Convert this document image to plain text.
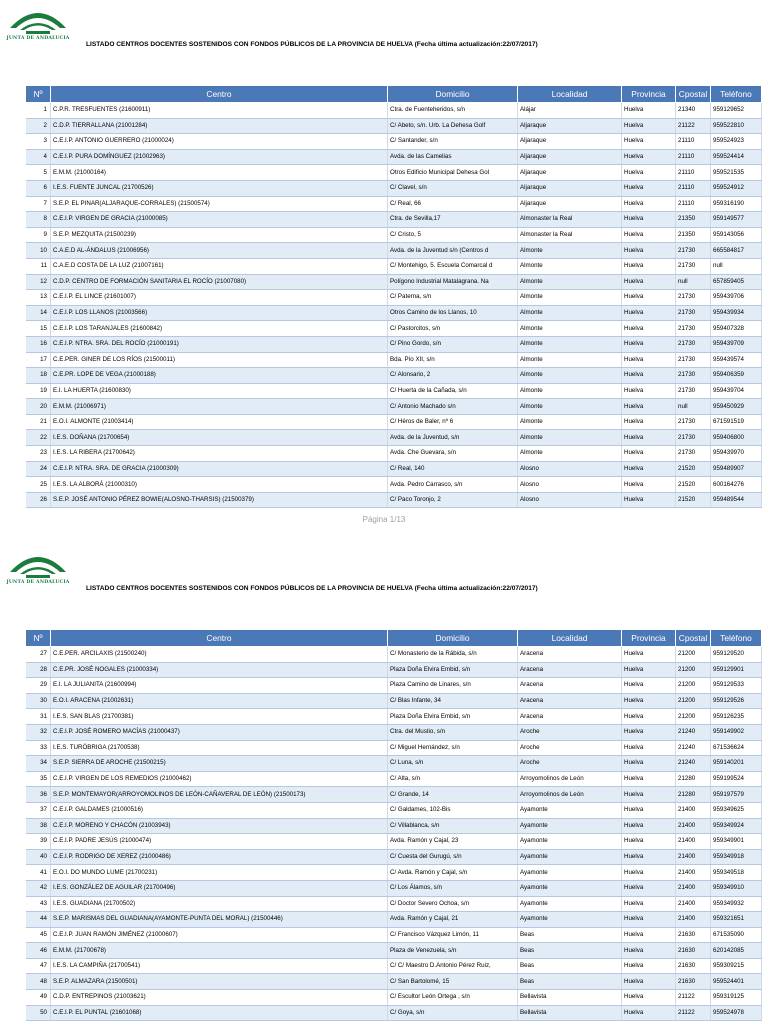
JUNTA DE ANDALUCIA
LISTADO CENTROS DOCENTES SOSTENIDOS CON FONDOS PÚBLICOS DE LA PROVINCIA DE HUELVA (Fecha última actualización:22/07/2017)
Nº	Centro	Domicilio	Localidad	Provincia	Cpostal	Teléfono
1	C.P.R. TRESFUENTES (21600911)	Ctra. de Fuenteheridos, s/n	Alájar	Huelva	21340	959129652
2	C.D.P. TIERRALLANA (21001284)	C/ Abeto, s/n. Urb. La Dehesa Golf	Aljaraque	Huelva	21122	959522810
3	C.E.I.P. ANTONIO GUERRERO (21000024)	C/ Santander, s/n	Aljaraque	Huelva	21110	959524923
4	C.E.I.P. PURA DOMÍNGUEZ (21002963)	Avda. de las Camelias	Aljaraque	Huelva	21110	959524414
5	E.M.M. (21000164)	Otros Edificio Municipal Dehesa Gol	Aljaraque	Huelva	21110	959521535
6	I.E.S. FUENTE JUNCAL (21700526)	C/ Clavel, s/n	Aljaraque	Huelva	21110	959524912
7	S.E.P. EL PINAR(ALJARAQUE-CORRALES) (21500574)	C/ Real, 66	Aljaraque	Huelva	21110	959316190
8	C.E.I.P. VIRGEN DE GRACIA (21000085)	Ctra. de Sevilla,17	Almonaster la Real	Huelva	21350	959149577
9	S.E.P. MEZQUITA (21500239)	C/ Cristo, 5	Almonaster la Real	Huelva	21350	959143056
10	C.A.E.D AL-ÁNDALUS (21006956)	Avda. de la Juventud s/n (Centros d	Almonte	Huelva	21730	665584817
11	C.A.E.D COSTA DE LA LUZ (21007161)	C/ Montehigo, 5. Escuela Comarcal d	Almonte	Huelva	21730	null
12	C.D.P. CENTRO DE FORMACIÓN SANITARIA EL ROCÍO (21007080)	Polígono Industrial Matalagrana. Na	Almonte	Huelva	null	657859405
13	C.E.I.P. EL LINCE (21601007)	C/ Paterna, s/n	Almonte	Huelva	21730	959439706
14	C.E.I.P. LOS LLANOS (21003566)	Otros Camino de los Llanos, 10	Almonte	Huelva	21730	959439934
15	C.E.I.P. LOS TARANJALES (21600842)	C/ Pastorcitos, s/n	Almonte	Huelva	21730	959407328
16	C.E.I.P. NTRA. SRA. DEL ROCÍO (21000191)	C/ Pino Gordo, s/n	Almonte	Huelva	21730	959439709
17	C.E.PER. GINER DE LOS RÍOS (21500011)	Bda. Pío XII, s/n	Almonte	Huelva	21730	959439574
18	C.E.PR. LOPE DE VEGA (21000188)	C/ Alonsario, 2	Almonte	Huelva	21730	959406359
19	E.I. LA HUERTA (21600830)	C/ Huerta de la Cañada, s/n	Almonte	Huelva	21730	959439704
20	E.M.M. (21006971)	C/ Antonio Machado s/n	Almonte	Huelva	null	959450929
21	E.O.I. ALMONTE (21003414)	C/ Héros de Baler, nº 6	Almonte	Huelva	21730	671591519
22	I.E.S. DOÑANA (21700654)	Avda. de la Juventud, s/n	Almonte	Huelva	21730	959406800
23	I.E.S. LA RIBERA (21700642)	Avda. Che Guevara, s/n	Almonte	Huelva	21730	959439970
24	C.E.I.P. NTRA. SRA. DE GRACIA (21000309)	C/ Real, 140	Alosno	Huelva	21520	959489907
25	I.E.S. LA ALBORÁ (21000310)	Avda. Pedro Carrasco, s/n	Alosno	Huelva	21520	600164276
26	S.E.P. JOSÉ ANTONIO PÉREZ BOWIE(ALOSNO-THARSIS) (21500379)	C/ Paco Toronjo, 2	Alosno	Huelva	21520	959489544
Página 1/13
JUNTA DE ANDALUCIA
LISTADO CENTROS DOCENTES SOSTENIDOS CON FONDOS PÚBLICOS DE LA PROVINCIA DE HUELVA (Fecha última actualización:22/07/2017)
Nº	Centro	Domicilio	Localidad	Provincia	Cpostal	Teléfono
27	C.E.PER. ARCILAXIS (21500240)	C/ Monasterio de la Rábida, s/n	Aracena	Huelva	21200	959129520
28	C.E.PR. JOSÉ NOGALES (21000334)	Plaza Doña Elvira Embid, s/n	Aracena	Huelva	21200	959129901
29	E.I. LA JULIANITA (21600994)	Plaza Camino de Linares, s/n	Aracena	Huelva	21200	959129533
30	E.O.I. ARACENA (21002631)	C/ Blas Infante, 34	Aracena	Huelva	21200	959129526
31	I.E.S. SAN BLAS (21700381)	Plaza Doña Elvira Embid, s/n	Aracena	Huelva	21200	959126235
32	C.E.I.P. JOSÉ ROMERO MACÍAS (21000437)	Ctra. del Mustio, s/n	Aroche	Huelva	21240	959149902
33	I.E.S. TURÓBRIGA (21700538)	C/ Miguel Hernández, s/n	Aroche	Huelva	21240	671536624
34	S.E.P. SIERRA DE AROCHE (21500215)	C/ Luna, s/n	Aroche	Huelva	21240	959140201
35	C.E.I.P. VIRGEN DE LOS REMEDIOS (21000462)	C/ Alta, s/n	Arroyomolinos de León	Huelva	21280	959199524
36	S.E.P. MONTEMAYOR(ARROYOMOLINOS DE LEÓN-CAÑAVERAL DE LEÓN) (21500173)	C/ Grande, 14	Arroyomolinos de León	Huelva	21280	959197579
37	C.E.I.P. GALDAMES (21000516)	C/ Galdames, 102-Bis	Ayamonte	Huelva	21400	959349625
38	C.E.I.P. MORENO Y CHACÓN (21003943)	C/ Villablanca, s/n	Ayamonte	Huelva	21400	959349924
39	C.E.I.P. PADRE JESÚS (21000474)	Avda. Ramón y Cajal, 23	Ayamonte	Huelva	21400	959349901
40	C.E.I.P. RODRIGO DE XEREZ (21000486)	C/ Cuesta del Gurugú, s/n	Ayamonte	Huelva	21400	959349918
41	E.O.I. DO MUNDO LUME (21700231)	C/ Avda. Ramón y Cajal, s/n	Ayamonte	Huelva	21400	959349518
42	I.E.S. GONZÁLEZ DE AGUILAR (21700496)	C/ Los Álamos, s/n	Ayamonte	Huelva	21400	959349910
43	I.E.S. GUADIANA (21700502)	C/ Doctor Severo Ochoa, s/n	Ayamonte	Huelva	21400	959349932
44	S.E.P. MARISMAS DEL GUADIANA(AYAMONTE-PUNTA DEL MORAL) (21500446)	Avda. Ramón y Cajal, 21	Ayamonte	Huelva	21400	959321651
45	C.E.I.P. JUAN RAMÓN JIMÉNEZ (21000607)	C/ Francisco Vázquez Limón, 11	Beas	Huelva	21630	671535090
46	E.M.M. (21700678)	Plaza de Venezuela, s/n	Beas	Huelva	21630	620142085
47	I.E.S. LA CAMPIÑA (21700541)	C/ C/ Maestro D.Antonio Pérez Ruiz,	Beas	Huelva	21630	959309215
48	S.E.P. ALMAZARA (21500501)	C/ San Bartolomé, 15	Beas	Huelva	21630	959524401
49	C.D.P. ENTREPINOS (21003621)	C/ Escultor León Ortega , s/n	Bellavista	Huelva	21122	959319125
50	C.E.I.P. EL PUNTAL (21601068)	C/ Goya, s/n	Bellavista	Huelva	21122	959524978
